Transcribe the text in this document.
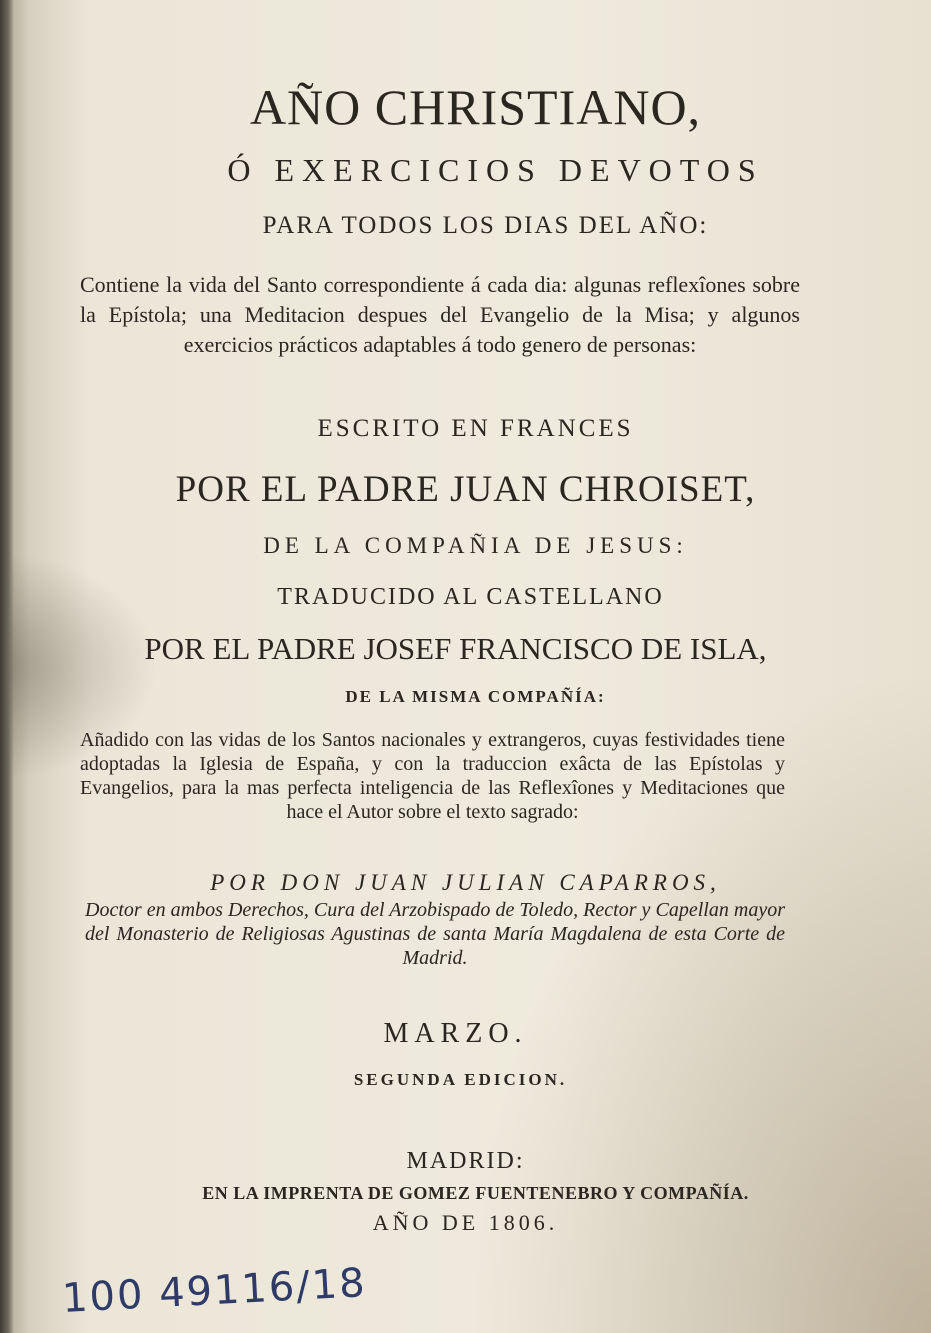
AÑO CHRISTIANO,
Ó EXERCICIOS DEVOTOS
PARA TODOS LOS DIAS DEL AÑO:
Contiene la vida del Santo correspondiente á cada dia: algunas reflexîones sobre la Epístola; una Meditacion despues del Evangelio de la Misa; y algunos exercicios prácticos adaptables á todo genero de personas:
ESCRITO EN FRANCES
POR EL PADRE JUAN CHROISET,
DE LA COMPAÑIA DE JESUS:
TRADUCIDO AL CASTELLANO
POR EL PADRE JOSEF FRANCISCO DE ISLA,
DE LA MISMA COMPAÑÍA:
Añadido con las vidas de los Santos nacionales y extrangeros, cuyas festividades tiene adoptadas la Iglesia de España, y con la traduccion exâcta de las Epístolas y Evangelios, para la mas perfecta inteligencia de las Reflexîones y Meditaciones que hace el Autor sobre el texto sagrado:
POR DON JUAN JULIAN CAPARROS,
Doctor en ambos Derechos, Cura del Arzobispado de Toledo, Rector y Capellan mayor del Monasterio de Religiosas Agustinas de santa María Magdalena de esta Corte de Madrid.
MARZO.
SEGUNDA EDICION.
MADRID:
EN LA IMPRENTA DE GOMEZ FUENTENEBRO Y COMPAÑÍA.
AÑO DE 1806.
100 49116/18
